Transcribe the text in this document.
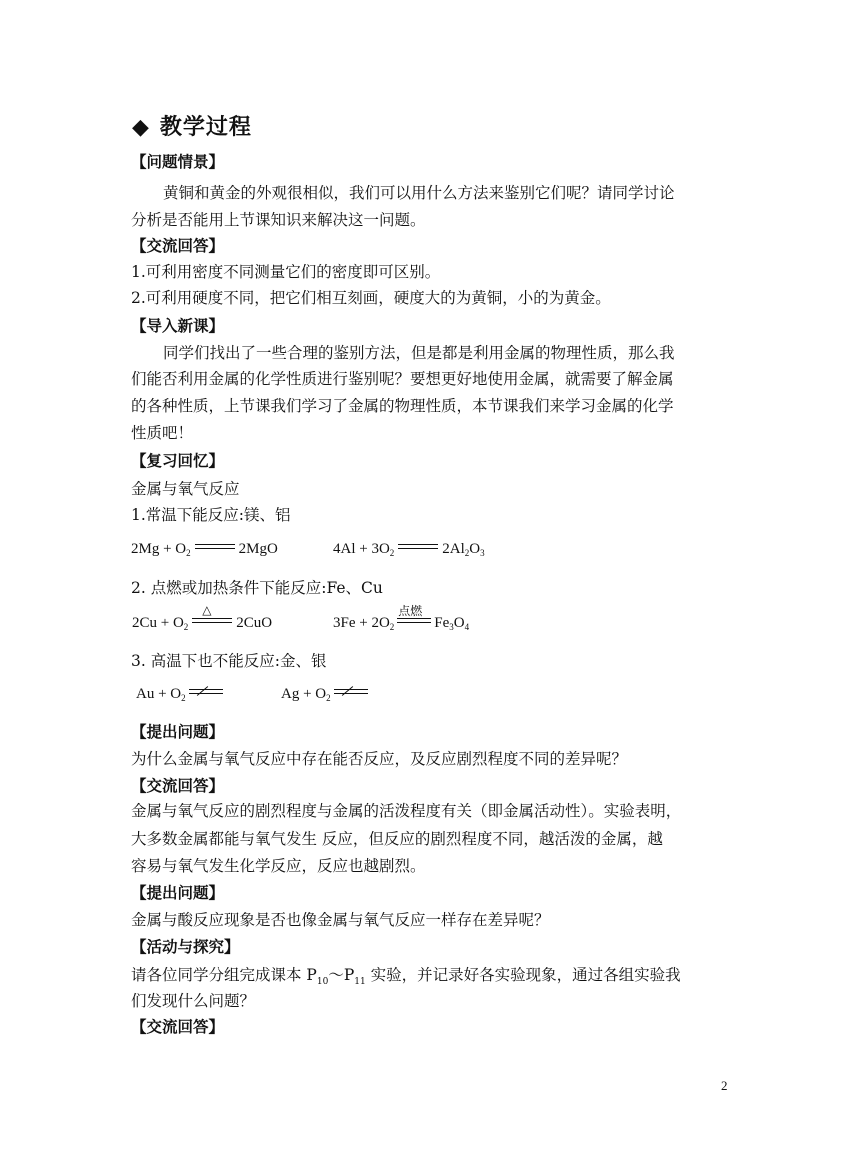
◆ 教学过程
【问题情景】
黄铜和黄金的外观很相似，我们可以用什么方法来鉴别它们呢？请同学讨论
分析是否能用上节课知识来解决这一问题。
【交流回答】
1.可利用密度不同测量它们的密度即可区别。
2.可利用硬度不同，把它们相互刻画，硬度大的为黄铜，小的为黄金。
【导入新课】
同学们找出了一些合理的鉴别方法，但是都是利用金属的物理性质，那么我
们能否利用金属的化学性质进行鉴别呢？要想更好地使用金属，就需要了解金属
的各种性质，上节课我们学习了金属的物理性质，本节课我们来学习金属的化学
性质吧！
【复习回忆】
金属与氧气反应
1.常温下能反应:镁、铝
$2Mg + O_2$	2MgO	$4Al + 3O_2$	$2Al_2O_3$
2. 点燃或加热条件下能反应:Fe、Cu
$2Cu + O_2$
△
2CuO	$3Fe + 2O_2$
点燃
$Fe_3O_4$
3. 高温下也不能反应:金、银
$Au + O_2$	$Ag + O_2$
【提出问题】
为什么金属与氧气反应中存在能否反应，及反应剧烈程度不同的差异呢？
【交流回答】
金属与氧气反应的剧烈程度与金属的活泼程度有关（即金属活动性）。实验表明，
大多数金属都能与氧气发生 反应，但反应的剧烈程度不同，越活泼的金属，越
容易与氧气发生化学反应，反应也越剧烈。
【提出问题】
金属与酸反应现象是否也像金属与氧气反应一样存在差异呢？
【活动与探究】
请各位同学分组完成课本 $P_{10}\sim P_{11}$ 实验，并记录好各实验现象，通过各组实验我
们发现什么问题？
【交流回答】
2
